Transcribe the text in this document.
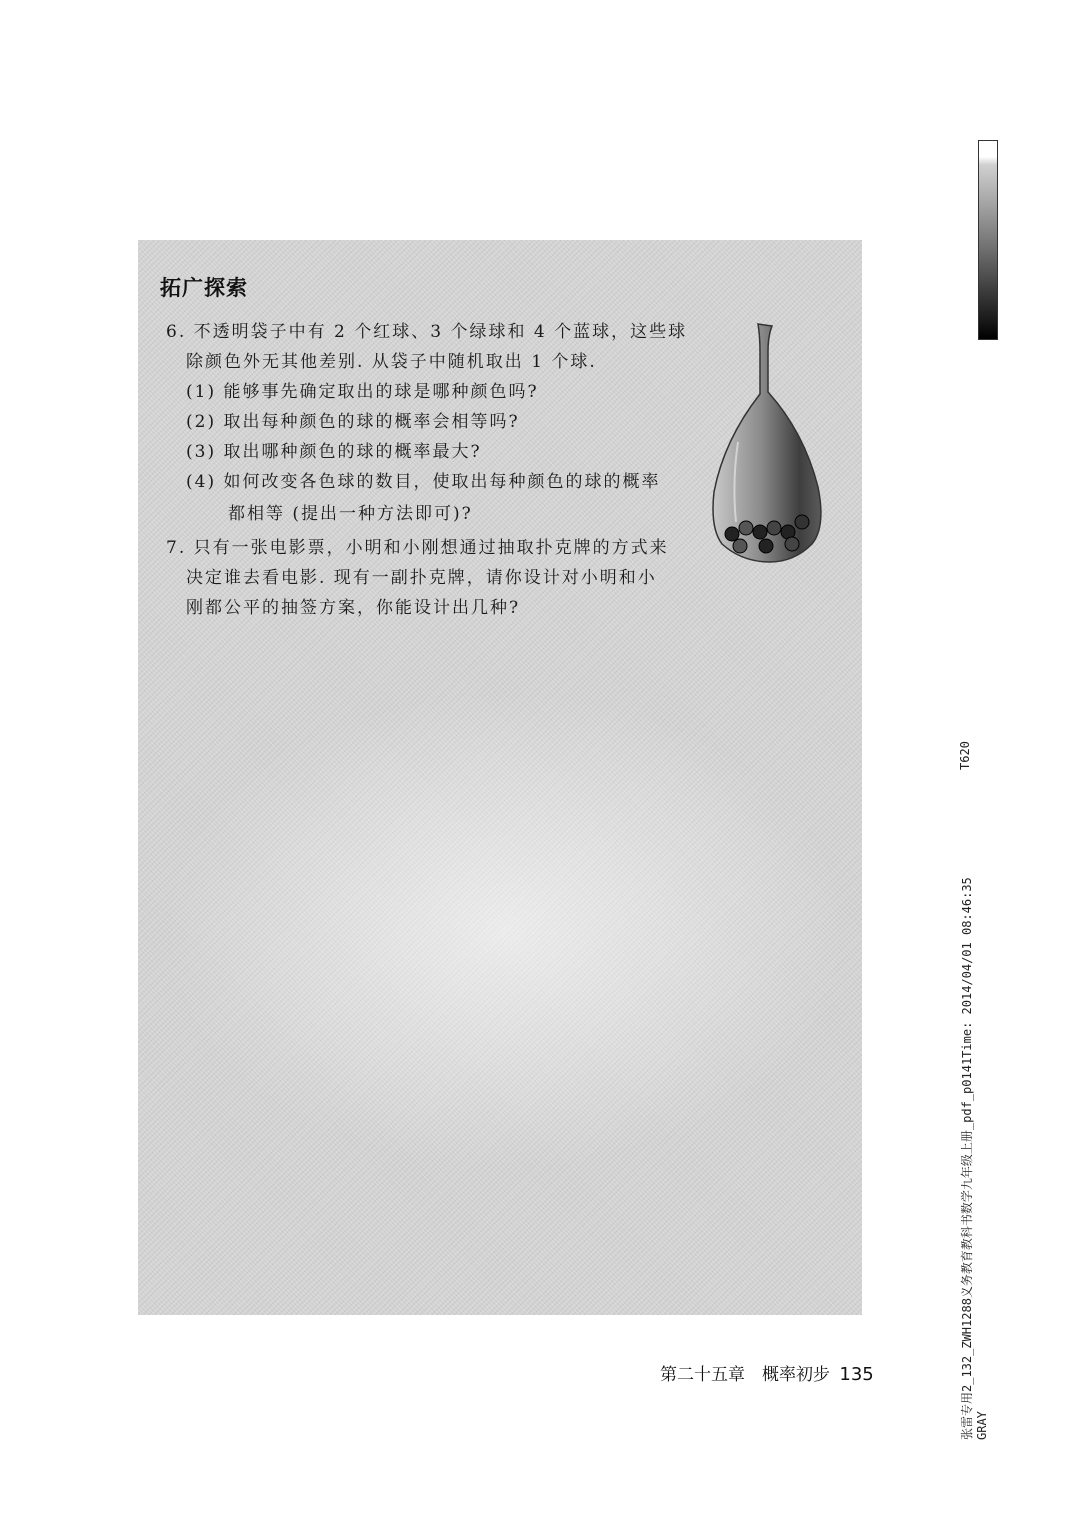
拓广探索
6. 不透明袋子中有 2 个红球、3 个绿球和 4 个蓝球，这些球
除颜色外无其他差别. 从袋子中随机取出 1 个球.
(1) 能够事先确定取出的球是哪种颜色吗?
(2) 取出每种颜色的球的概率会相等吗?
(3) 取出哪种颜色的球的概率最大?
(4) 如何改变各色球的数目，使取出每种颜色的球的概率
都相等 (提出一种方法即可)?
7. 只有一张电影票，小明和小刚想通过抽取扑克牌的方式来
决定谁去看电影. 现有一副扑克牌，请你设计对小明和小
刚都公平的抽签方案，你能设计出几种?
第二十五章　概率初步 135
T620
张雷专用2_132_ZWH1288义务教育教科书数学九年级上册_pdf_p0141Time: 2014/04/01 08:46:35 GRAY
